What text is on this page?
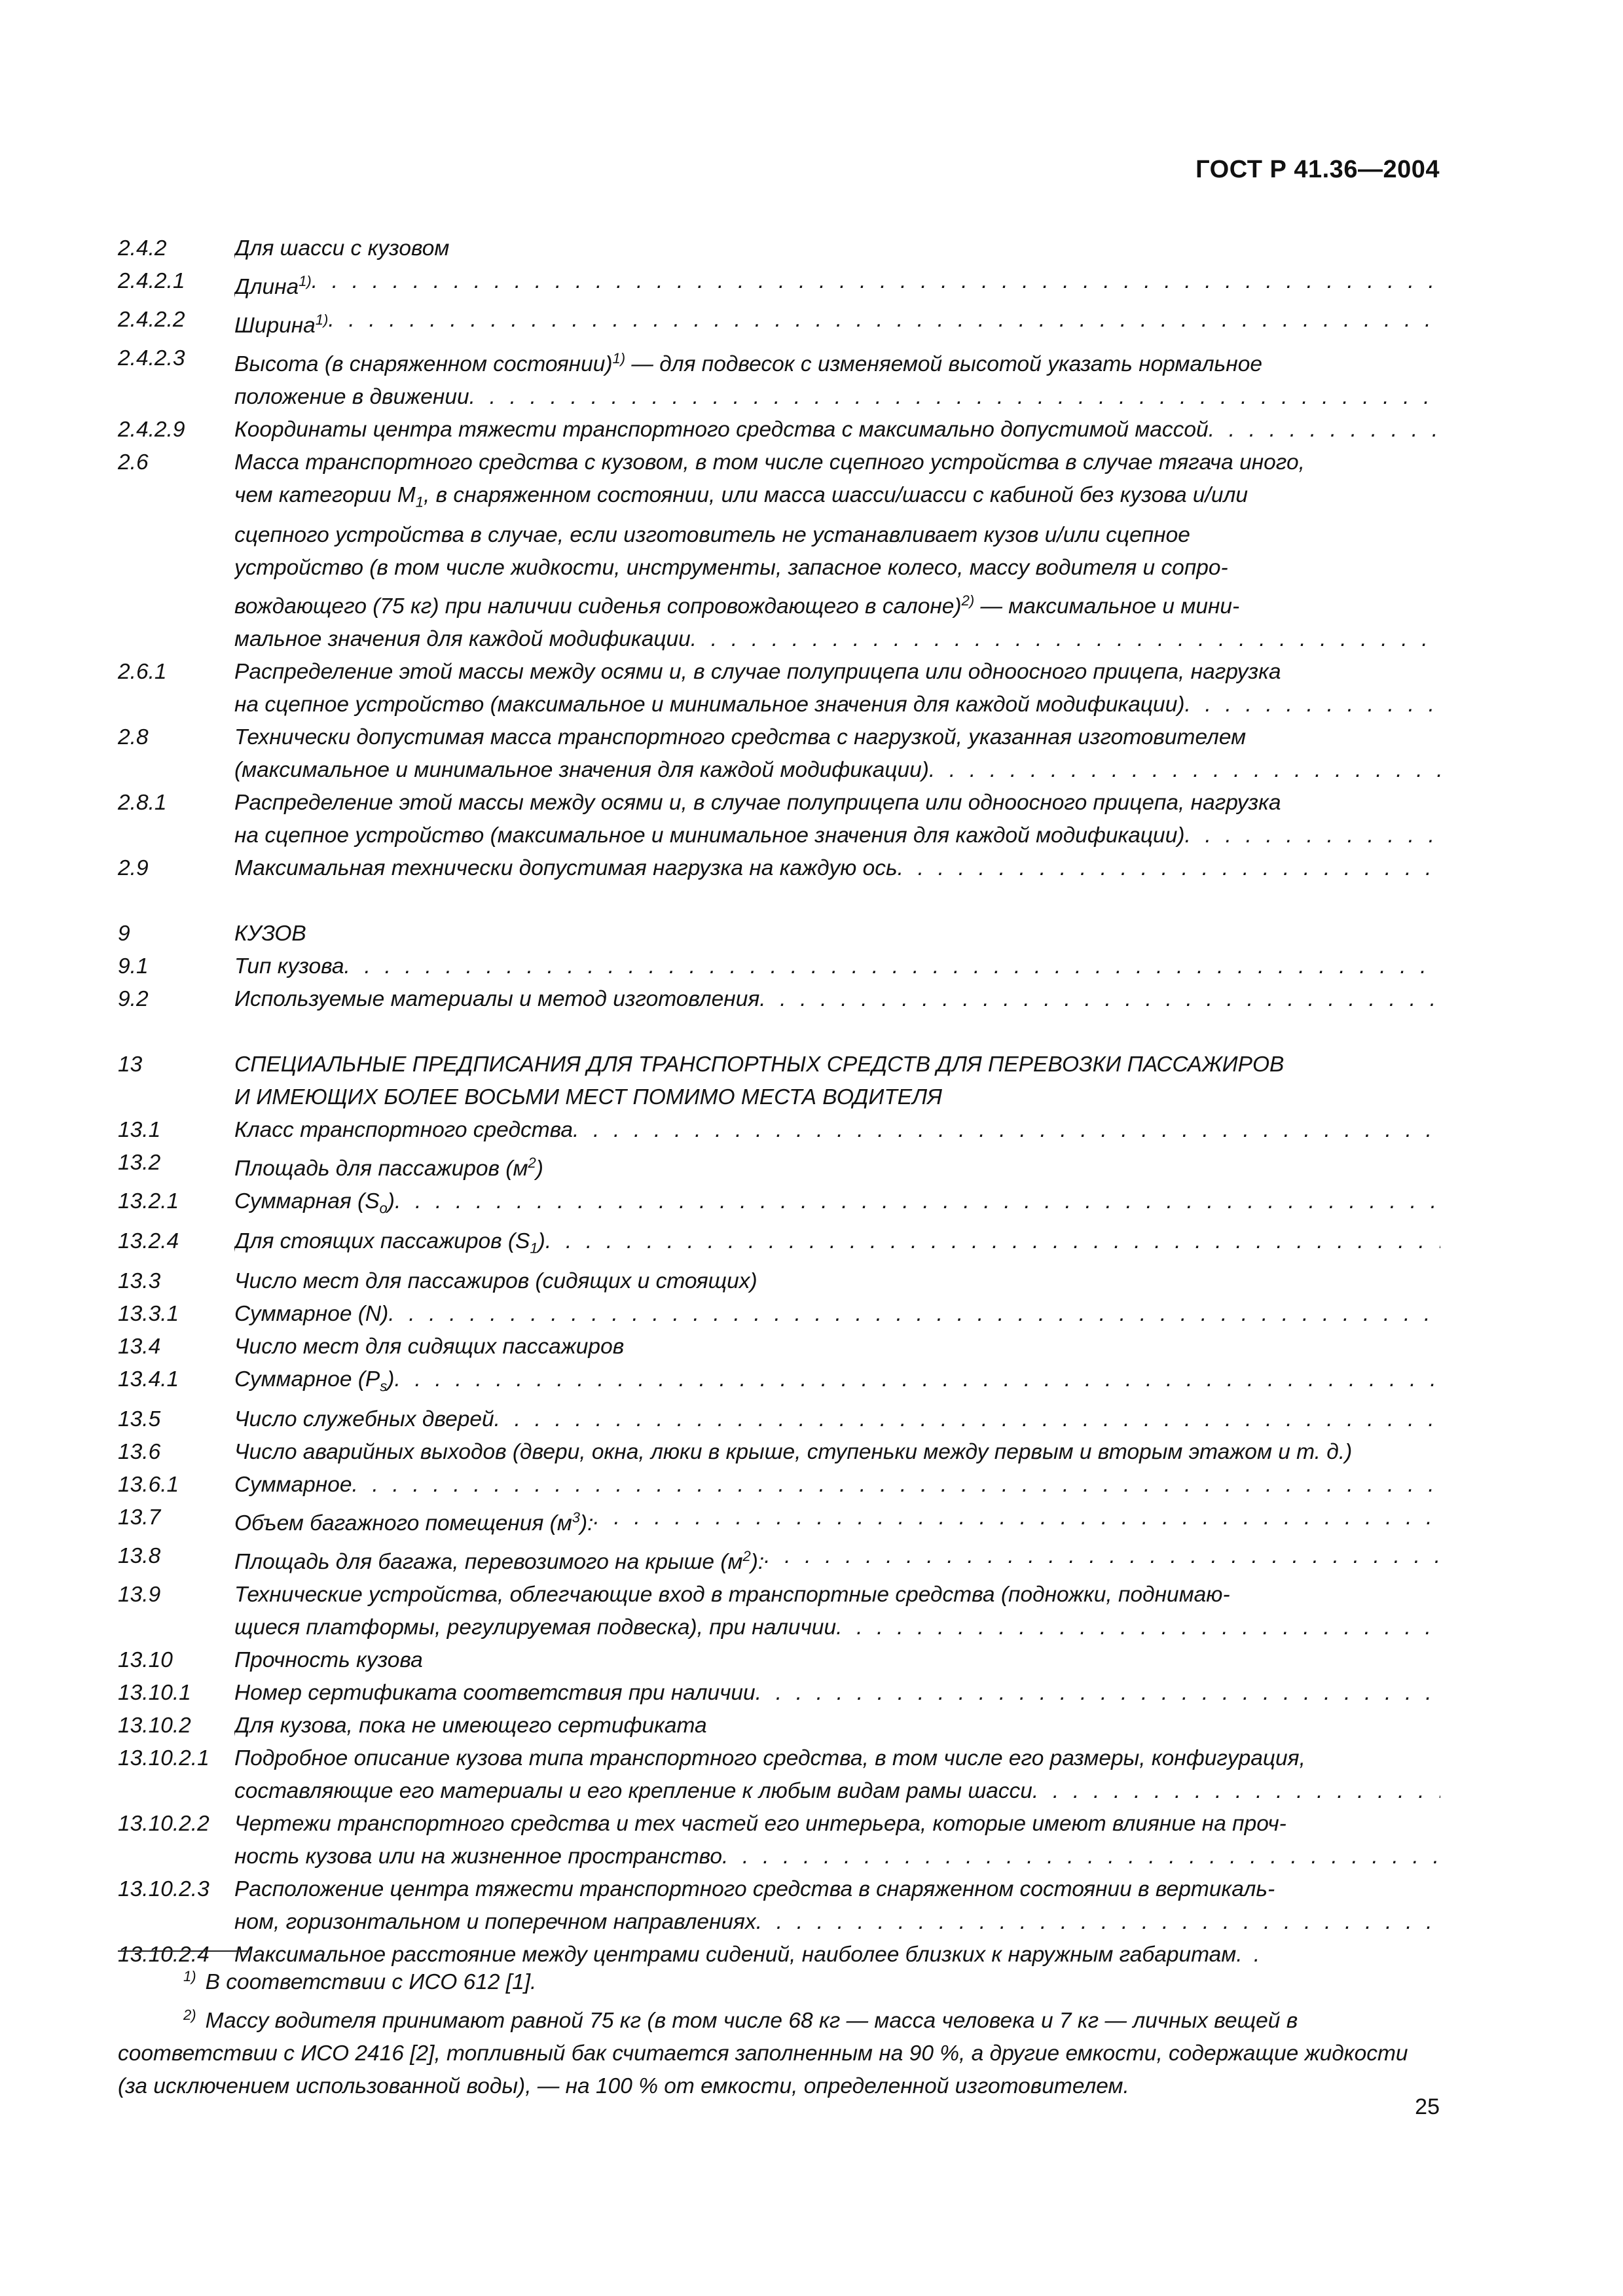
ГОСТ Р 41.36—2004
2.4.2	Для шасси с кузовом
2.4.2.1	Длина$^{1)}$
. . .
2.4.2.2	Ширина$^{1)}$
. . .
2.4.2.3	Высота (в снаряженном состоянии)$^{1)}$ — для подвесок с изменяемой высотой указать нормальное
положение в движении
. . .
2.4.2.9	Координаты центра тяжести транспортного средства с максимально допустимой массой
. . .
2.6	Масса транспортного средства с кузовом, в том числе сцепного устройства в случае тягача иного,
чем категории $M_1$, в снаряженном состоянии, или масса шасси/шасси с кабиной без кузова и/или
сцепного устройства в случае, если изготовитель не устанавливает кузов и/или сцепное
устройство (в том числе жидкости, инструменты, запасное колесо, массу водителя и сопро-
вождающего (75 кг) при наличии сиденья сопровождающего в салоне)$^{2)}$ — максимальное и мини-
мальное значения для каждой модификации
. . .
2.6.1	Распределение этой массы между осями и, в случае полуприцепа или одноосного прицепа, нагрузка
на сцепное устройство (максимальное и минимальное значения для каждой модификации)
. . .
2.8	Технически допустимая масса транспортного средства с нагрузкой, указанная изготовителем
(максимальное и минимальное значения для каждой модификации)
. . .
2.8.1	Распределение этой массы между осями и, в случае полуприцепа или одноосного прицепа, нагрузка
на сцепное устройство (максимальное и минимальное значения для каждой модификации)
. . .
2.9	Максимальная технически допустимая нагрузка на каждую ось
. . .
9	КУЗОВ
9.1	Тип кузова
. . .
9.2	Используемые материалы и метод изготовления
. . .
13	СПЕЦИАЛЬНЫЕ ПРЕДПИСАНИЯ ДЛЯ ТРАНСПОРТНЫХ СРЕДСТВ ДЛЯ ПЕРЕВОЗКИ ПАССАЖИРОВ
И ИМЕЮЩИХ БОЛЕЕ ВОСЬМИ МЕСТ ПОМИМО МЕСТА ВОДИТЕЛЯ
13.1	Класс транспортного средства
. . .
13.2	Площадь для пассажиров $(м^2)$
13.2.1	Суммарная $(S_o)$
. . .
13.2.4	Для стоящих пассажиров $(S_1)$
. . .
13.3	Число мест для пассажиров (сидящих и стоящих)
13.3.1	Суммарное (N)
. . .
13.4	Число мест для сидящих пассажиров
13.4.1	Суммарное $(P_s)$
. . .
13.5	Число служебных дверей
. . .
13.6	Число аварийных выходов (двери, окна, люки в крыше, ступеньки между первым и вторым этажом и т. д.)
13.6.1	Суммарное
. . .
13.7	Объем багажного помещения $(м^3)$:
. . .
13.8	Площадь для багажа, перевозимого на крыше $(м^2)$:
. . .
13.9	Технические устройства, облегчающие вход в транспортные средства (подножки, поднимаю-
щиеся платформы, регулируемая подвеска), при наличии
. . .
13.10	Прочность кузова
13.10.1	Номер сертификата соответствия при наличии
. . .
13.10.2	Для кузова, пока не имеющего сертификата
13.10.2.1	Подробное описание кузова типа транспортного средства, в том числе его размеры, конфигурация,
составляющие его материалы и его крепление к любым видам рамы шасси
. . .
13.10.2.2	Чертежи транспортного средства и тех частей его интерьера, которые имеют влияние на проч-
ность кузова или на жизненное пространство
. . .
13.10.2.3	Расположение центра тяжести транспортного средства в снаряженном состоянии в вертикаль-
ном, горизонтальном и поперечном направлениях
. . .
13.10.2.4	Максимальное расстояние между центрами сидений, наиболее близких к наружным габаритам
. .
$^{1)}$ В соответствии с ИСО 612 [1].
$^{2)}$ Массу водителя принимают равной 75 кг (в том числе 68 кг — масса человека и 7 кг — личных вещей в соответствии с ИСО 2416 [2], топливный бак считается заполненным на 90 %, а другие емкости, содержащие жидкости (за исключением использованной воды), — на 100 % от емкости, определенной изготовителем.
25
